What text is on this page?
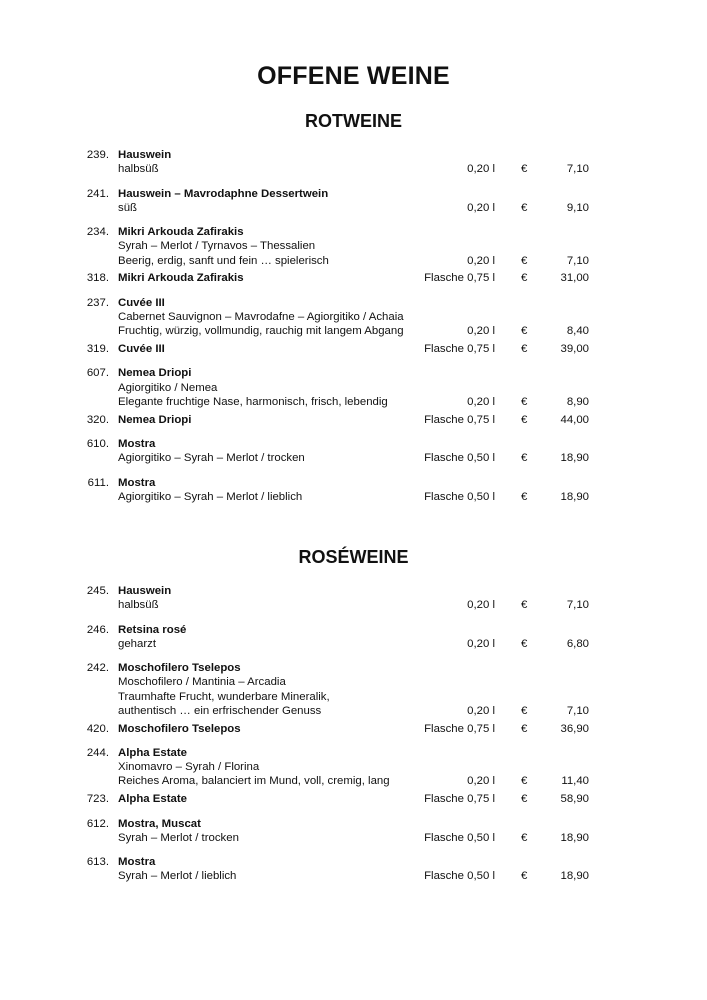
OFFENE WEINE
ROTWEINE
ROSÉWEINE
239. Hauswein
halbsüß	0,20 l €	7,10
241. Hauswein – Mavrodaphne Dessertwein
süß	0,20 l €	9,10
234. Mikri Arkouda Zafirakis
Syrah – Merlot / Tyrnavos – Thessalien
Beerig, erdig, sanft und fein … spielerisch	0,20 l €	7,10
318. Mikri Arkouda Zafirakis	Flasche 0,75 l €	31,00
237. Cuvée III
Cabernet Sauvignon – Mavrodafne – Agiorgitiko / Achaia
Fruchtig, würzig, vollmundig, rauchig mit langem Abgang	0,20 l €	8,40
319. Cuvée III	Flasche 0,75 l €	39,00
607. Nemea Driopi
Agiorgitiko / Nemea
Elegante fruchtige Nase, harmonisch, frisch, lebendig	0,20 l €	8,90
320. Nemea Driopi	Flasche 0,75 l €	44,00
610. Mostra
Agiorgitiko – Syrah – Merlot / trocken	Flasche 0,50 l €	18,90
611. Mostra
Agiorgitiko – Syrah – Merlot / lieblich	Flasche 0,50 l €	18,90
245. Hauswein
halbsüß	0,20 l €	7,10
246. Retsina rosé
geharzt	0,20 l €	6,80
242. Moschofilero Tselepos
Moschofilero / Mantinia – Arcadia
Traumhafte Frucht, wunderbare Mineralik,
authentisch … ein erfrischender Genuss	0,20 l €	7,10
420. Moschofilero Tselepos	Flasche 0,75 l €	36,90
244. Alpha Estate
Xinomavro – Syrah / Florina
Reiches Aroma, balanciert im Mund, voll, cremig, lang	0,20 l €	11,40
723. Alpha Estate	Flasche 0,75 l €	58,90
612. Mostra, Muscat
Syrah – Merlot / trocken	Flasche 0,50 l €	18,90
613. Mostra
Syrah – Merlot / lieblich	Flasche 0,50 l €	18,90
